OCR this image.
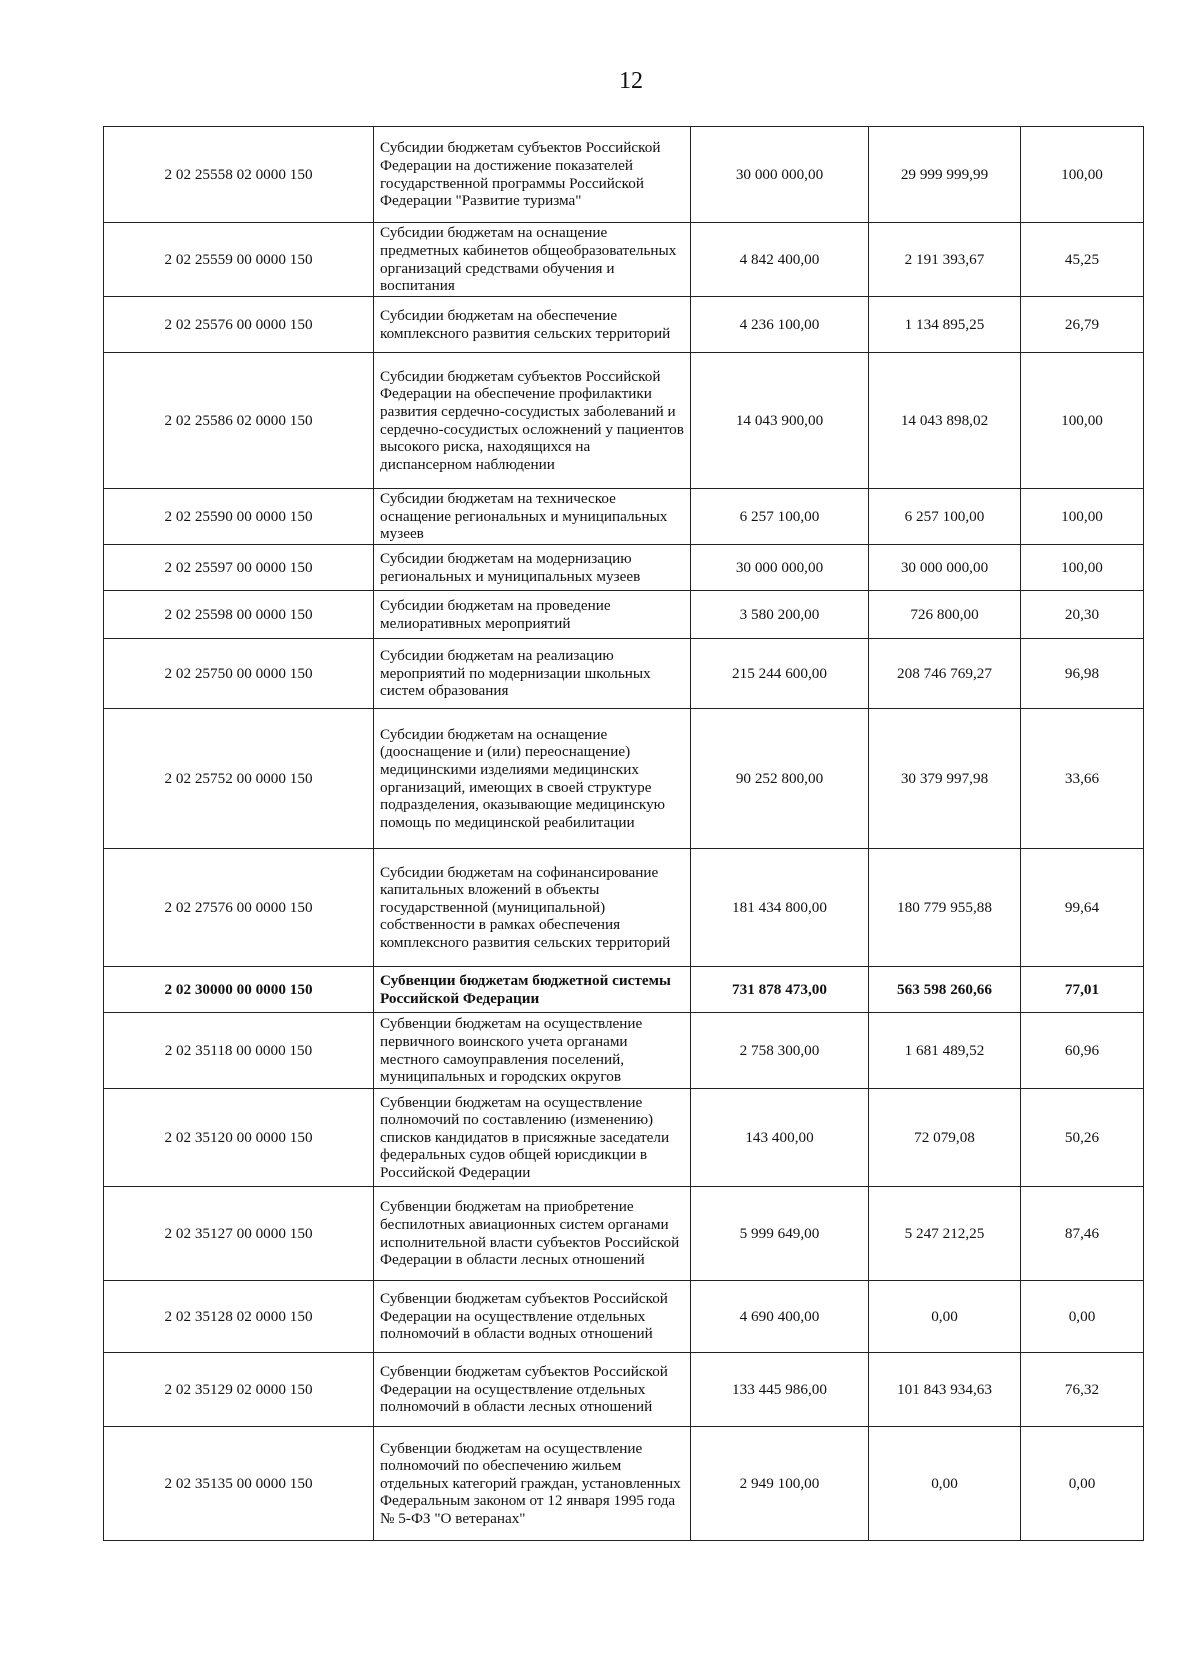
12
2 02 25558 02 0000 150	Субсидии бюджетам субъектов Российской Федерации на достижение показателей государственной программы Российской Федерации "Развитие туризма"	30 000 000,00	29 999 999,99	100,00
2 02 25559 00 0000 150	Субсидии бюджетам на оснащение предметных кабинетов общеобразовательных организаций средствами обучения и воспитания	4 842 400,00	2 191 393,67	45,25
2 02 25576 00 0000 150	Субсидии бюджетам на обеспечение комплексного развития сельских территорий	4 236 100,00	1 134 895,25	26,79
2 02 25586 02 0000 150	Субсидии бюджетам субъектов Российской Федерации на обеспечение профилактики развития сердечно-сосудистых заболеваний и сердечно-сосудистых осложнений у пациентов высокого риска, находящихся на диспансерном наблюдении	14 043 900,00	14 043 898,02	100,00
2 02 25590 00 0000 150	Субсидии бюджетам на техническое оснащение региональных и муниципальных музеев	6 257 100,00	6 257 100,00	100,00
2 02 25597 00 0000 150	Субсидии бюджетам на модернизацию региональных и муниципальных музеев	30 000 000,00	30 000 000,00	100,00
2 02 25598 00 0000 150	Субсидии бюджетам на проведение мелиоративных мероприятий	3 580 200,00	726 800,00	20,30
2 02 25750 00 0000 150	Субсидии бюджетам на реализацию мероприятий по модернизации школьных систем образования	215 244 600,00	208 746 769,27	96,98
2 02 25752 00 0000 150	Субсидии бюджетам на оснащение (дооснащение и (или) переоснащение) медицинскими изделиями медицинских организаций, имеющих в своей структуре подразделения, оказывающие медицинскую помощь по медицинской реабилитации	90 252 800,00	30 379 997,98	33,66
2 02 27576 00 0000 150	Субсидии бюджетам на софинансирование капитальных вложений в объекты государственной (муниципальной) собственности в рамках обеспечения комплексного развития сельских территорий	181 434 800,00	180 779 955,88	99,64
2 02 30000 00 0000 150	Субвенции бюджетам бюджетной системы Российской Федерации	731 878 473,00	563 598 260,66	77,01
2 02 35118 00 0000 150	Субвенции бюджетам на осуществление первичного воинского учета органами местного самоуправления поселений, муниципальных и городских округов	2 758 300,00	1 681 489,52	60,96
2 02 35120 00 0000 150	Субвенции бюджетам на осуществление полномочий по составлению (изменению) списков кандидатов в присяжные заседатели федеральных судов общей юрисдикции в Российской Федерации	143 400,00	72 079,08	50,26
2 02 35127 00 0000 150	Субвенции бюджетам на приобретение беспилотных авиационных систем органами исполнительной власти субъектов Российской Федерации в области лесных отношений	5 999 649,00	5 247 212,25	87,46
2 02 35128 02 0000 150	Субвенции бюджетам субъектов Российской Федерации на осуществление отдельных полномочий в области водных отношений	4 690 400,00	0,00	0,00
2 02 35129 02 0000 150	Субвенции бюджетам субъектов Российской Федерации на осуществление отдельных полномочий в области лесных отношений	133 445 986,00	101 843 934,63	76,32
2 02 35135 00 0000 150	Субвенции бюджетам на осуществление полномочий по обеспечению жильем отдельных категорий граждан, установленных Федеральным законом от 12 января 1995 года № 5-ФЗ "О ветеранах"	2 949 100,00	0,00	0,00
